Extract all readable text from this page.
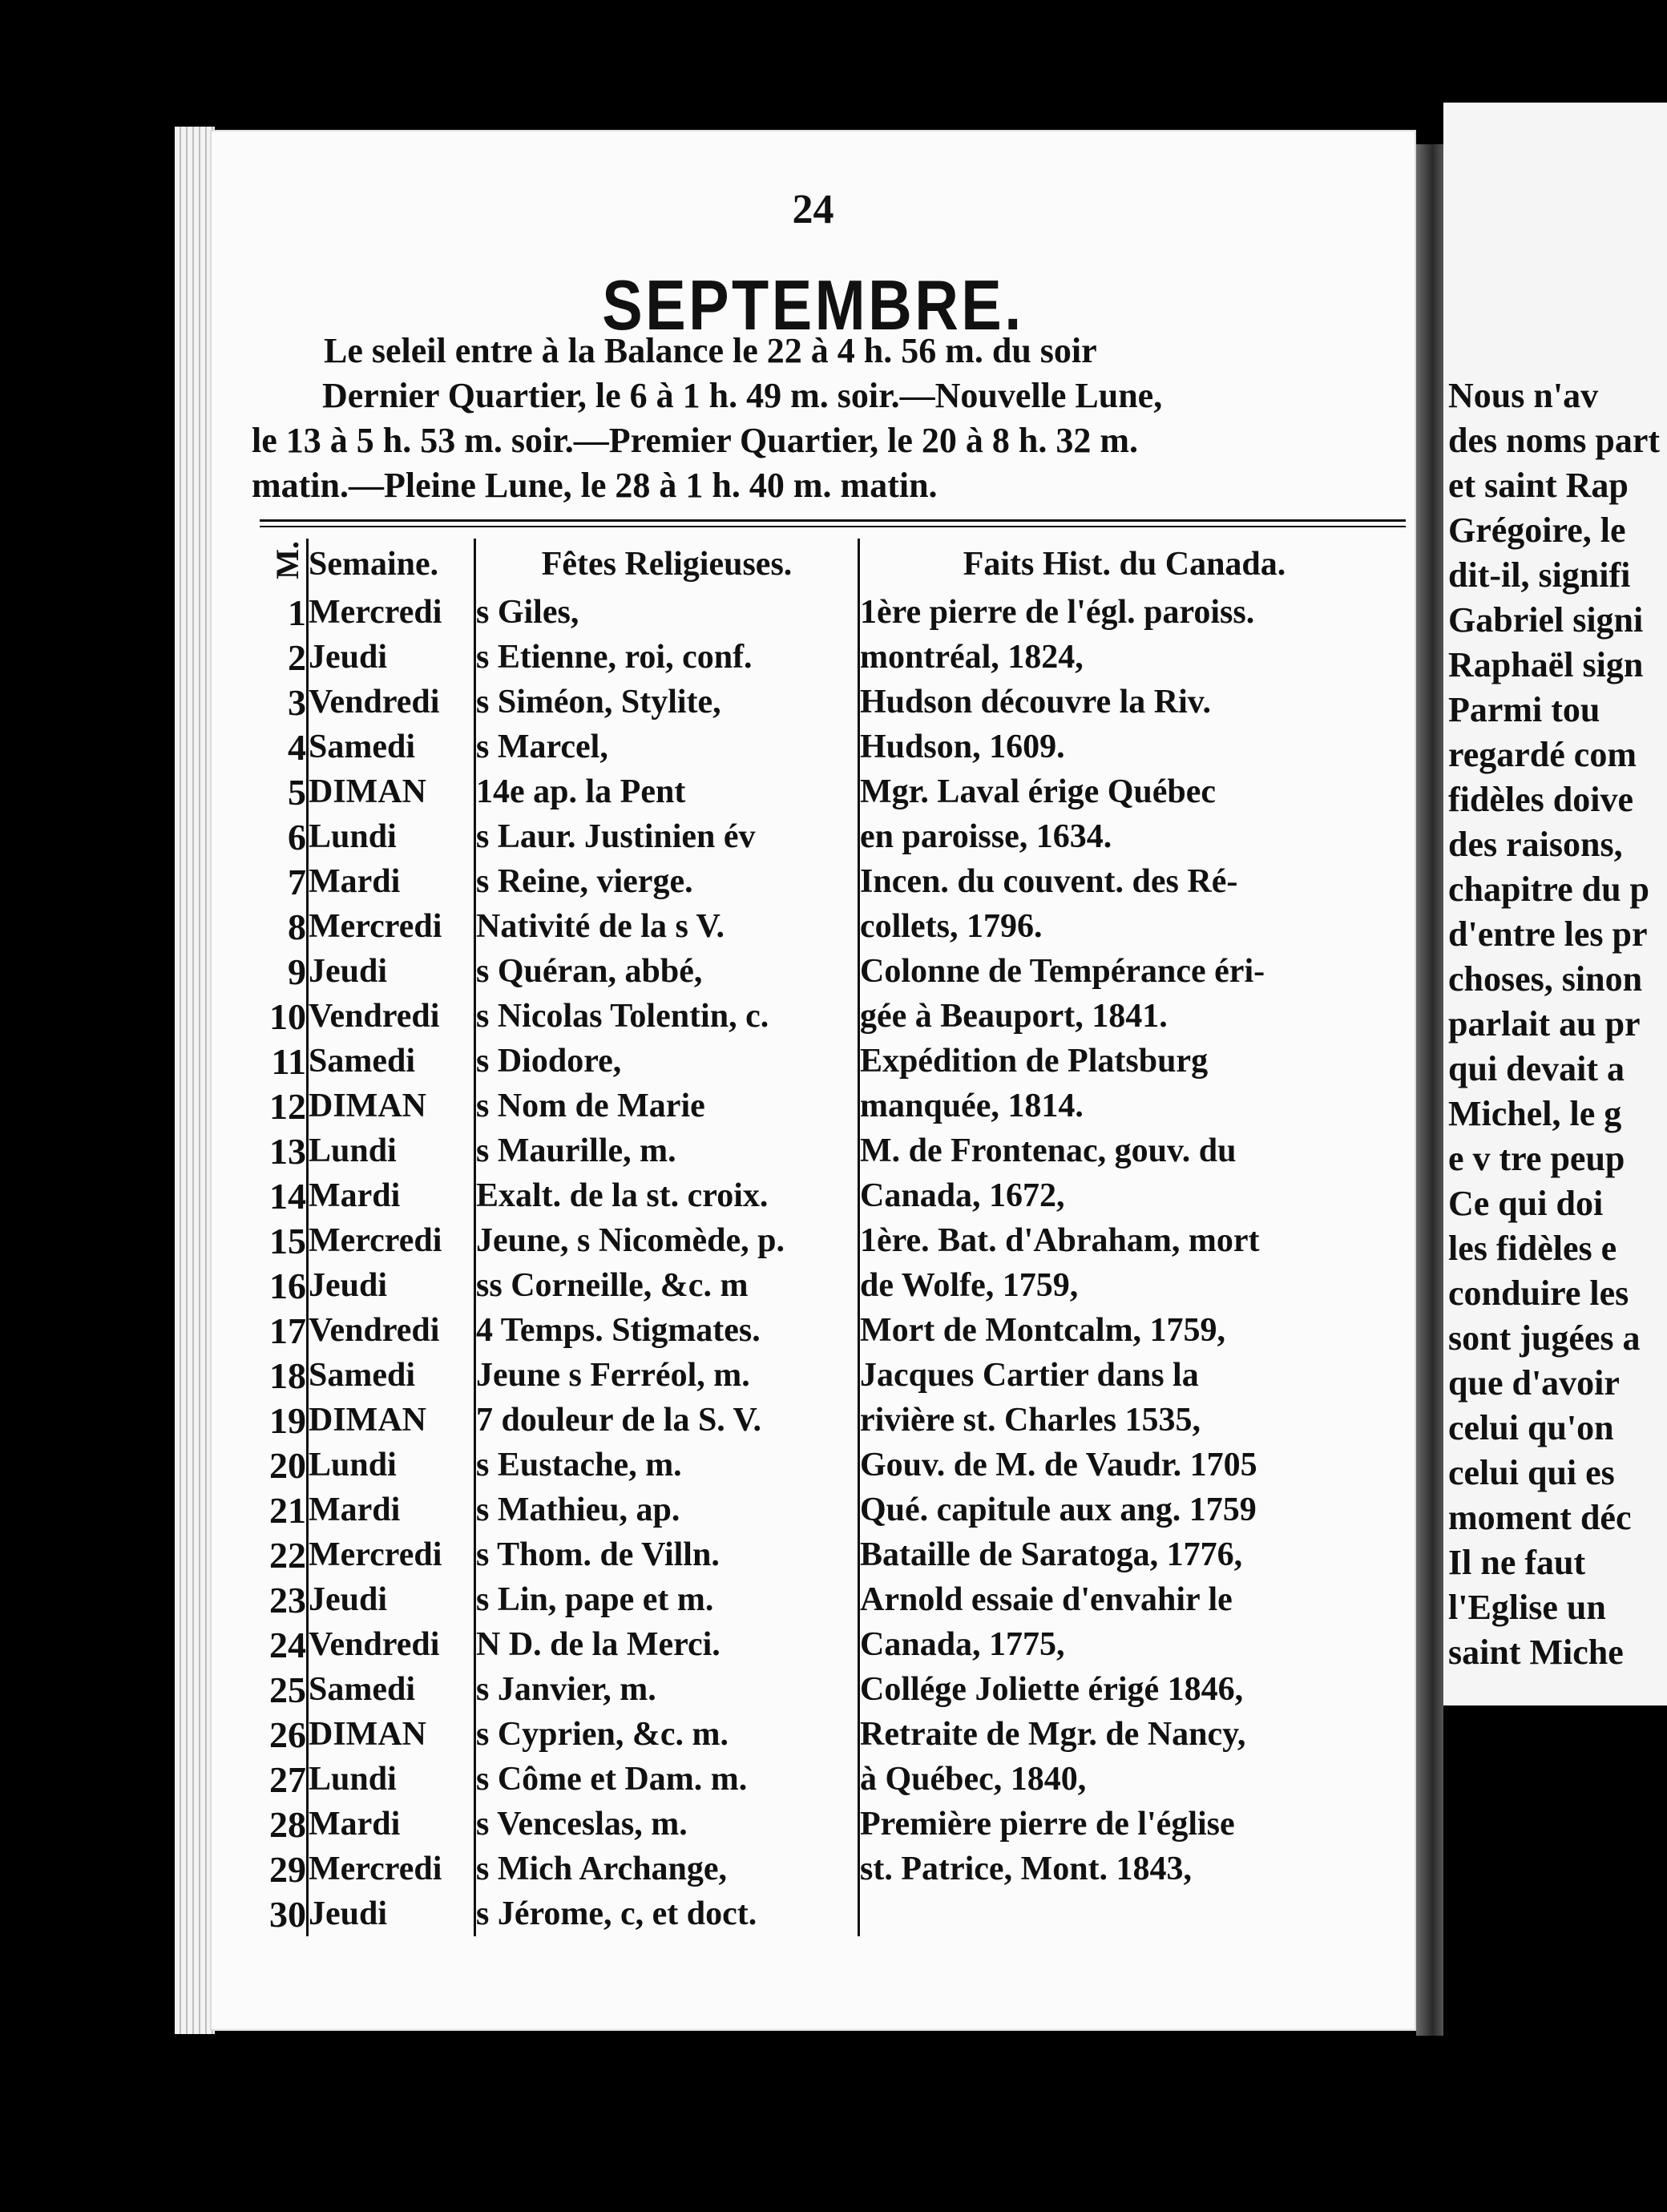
24
SEPTEMBRE.
Le seleil entre à la Balance le 22 à 4 h. 56 m. du soir
Dernier Quartier, le 6 à 1 h. 49 m. soir.—Nouvelle Lune,
le 13 à 5 h. 53 m. soir.—Premier Quartier, le 20 à 8 h. 32 m.
matin.—Pleine Lune, le 28 à 1 h. 40 m. matin.
M.	Semaine.	Fêtes Religieuses.	Faits Hist. du Canada.
1	Mercredi	s Giles,	1ère pierre de l'égl. paroiss.
2	Jeudi	s Etienne, roi, conf.	montréal, 1824,
3	Vendredi	s Siméon, Stylite,	Hudson découvre la Riv.
4	Samedi	s Marcel,	Hudson, 1609.
5	DIMAN	14e ap. la Pent	Mgr. Laval érige Québec
6	Lundi	s Laur. Justinien év	en paroisse, 1634.
7	Mardi	s Reine, vierge.	Incen. du couvent. des Ré-
8	Mercredi	Nativité de la s V.	collets, 1796.
9	Jeudi	s Quéran, abbé,	Colonne de Tempérance éri-
10	Vendredi	s Nicolas Tolentin, c.	gée à Beauport, 1841.
11	Samedi	s Diodore,	Expédition de Platsburg
12	DIMAN	s Nom de Marie	manquée, 1814.
13	Lundi	s Maurille, m.	M. de Frontenac, gouv. du
14	Mardi	Exalt. de la st. croix.	Canada, 1672,
15	Mercredi	Jeune, s Nicomède, p.	1ère. Bat. d'Abraham, mort
16	Jeudi	ss Corneille, &c. m	de Wolfe, 1759,
17	Vendredi	4 Temps. Stigmates.	Mort de Montcalm, 1759,
18	Samedi	Jeune s Ferréol, m.	Jacques Cartier dans la
19	DIMAN	7 douleur de la S. V.	rivière st. Charles 1535,
20	Lundi	s Eustache, m.	Gouv. de M. de Vaudr. 1705
21	Mardi	s Mathieu, ap.	Qué. capitule aux ang. 1759
22	Mercredi	s Thom. de Villn.	Bataille de Saratoga, 1776,
23	Jeudi	s Lin, pape et m.	Arnold essaie d'envahir le
24	Vendredi	N D. de la Merci.	Canada, 1775,
25	Samedi	s Janvier, m.	Collége Joliette érigé 1846,
26	DIMAN	s Cyprien, &c. m.	Retraite de Mgr. de Nancy,
27	Lundi	s Côme et Dam. m.	à Québec, 1840,
28	Mardi	s Venceslas, m.	Première pierre de l'église
29	Mercredi	s Mich Archange,	st. Patrice, Mont. 1843,
30	Jeudi	s Jérome, c, et doct.	
Nous n'av
des noms part
et saint Rap
Grégoire, le
dit-il, signifi
Gabriel signi
Raphaël sign
Parmi tou
regardé com
fidèles doive
des raisons,
chapitre du p
d'entre les pr
choses, sinon
parlait au pr
qui devait a
Michel, le g
e v tre peup
Ce qui doi
les fidèles e
conduire les
sont jugées a
que d'avoir
celui qu'on
celui qui es
moment déc
Il ne faut
l'Eglise un
saint Miche
